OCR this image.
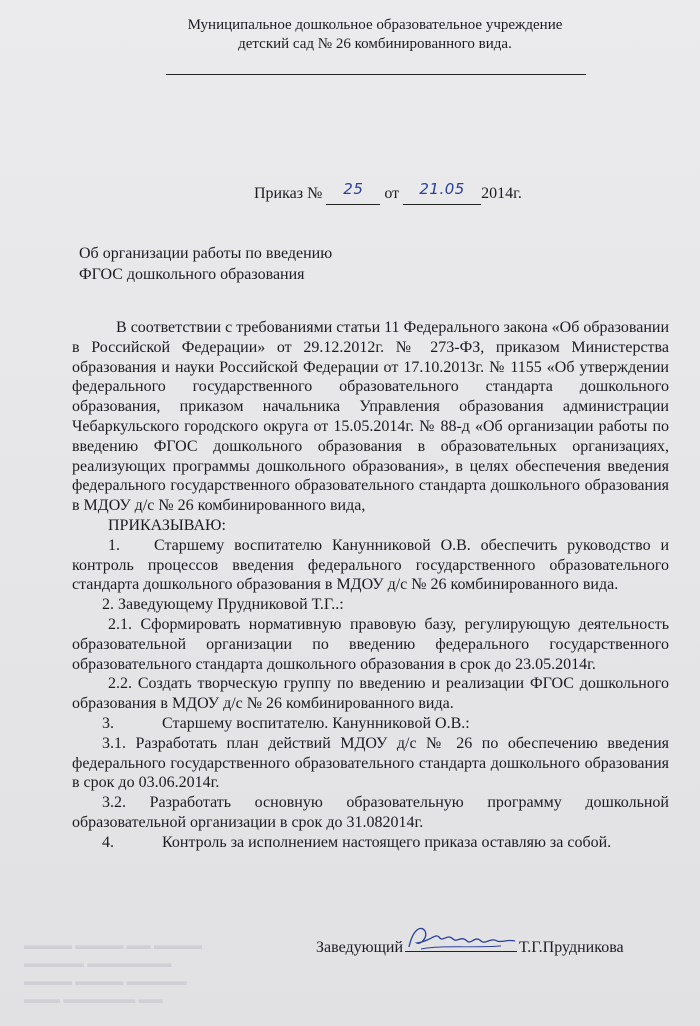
Муниципальное дошкольное образовательное учреждение
детский сад № 26 комбинированного вида.
Приказ № 25 от 21.05 2014г.
Об организации работы по введению
ФГОС дошкольного образования

В соответствии с требованиями статьи 11 Федерального закона «Об образовании в Российской Федерации» от 29.12.2012г. № 273-ФЗ, приказом Министерства образования и науки Российской Федерации от 17.10.2013г. № 1155 «Об утверждении федерального государственного образовательного стандарта дошкольного образования, приказом начальника Управления образования администрации Чебаркульского городского округа от 15.05.2014г. № 88-д «Об организации работы по введению ФГОС дошкольного образования в образовательных организациях, реализующих программы дошкольного образования», в целях обеспечения введения федерального государственного образовательного стандарта дошкольного образования в МДОУ д/с № 26 комбинированного вида,

ПРИКАЗЫВАЮ:

1. Старшему воспитателю Канунниковой О.В. обеспечить руководство и контроль процессов введения федерального государственного образовательного стандарта дошкольного образования в МДОУ д/с № 26 комбинированного вида.

2. Заведующему Прудниковой Т.Г..:

2.1. Сформировать нормативную правовую базу, регулирующую деятельность образовательной организации по введению федерального государственного образовательного стандарта дошкольного образования в срок до 23.05.2014г.

2.2. Создать творческую группу по введению и реализации ФГОС дошкольного образования в МДОУ д/с № 26 комбинированного вида.

3.	Старшему воспитателю. Канунниковой О.В.:

3.1. Разработать план действий МДОУ д/с № 26 по обеспечению введения федерального государственного образовательного стандарта дошкольного образования в срок до 03.06.2014г.

3.2. Разработать основную образовательную программу дошкольной образовательной организации в срок до 31.082014г.

4.	Контроль за исполнением настоящего приказа оставляю за собой.

Заведующий	Т.Г.Прудникова
▬▬▬▬ ▬▬▬▬ ▬▬ ▬▬▬▬
▬▬▬▬▬ ▬▬▬▬▬▬▬
▬▬▬▬ ▬▬▬▬ ▬▬▬▬▬
▬▬▬ ▬▬▬▬▬▬ ▬▬
